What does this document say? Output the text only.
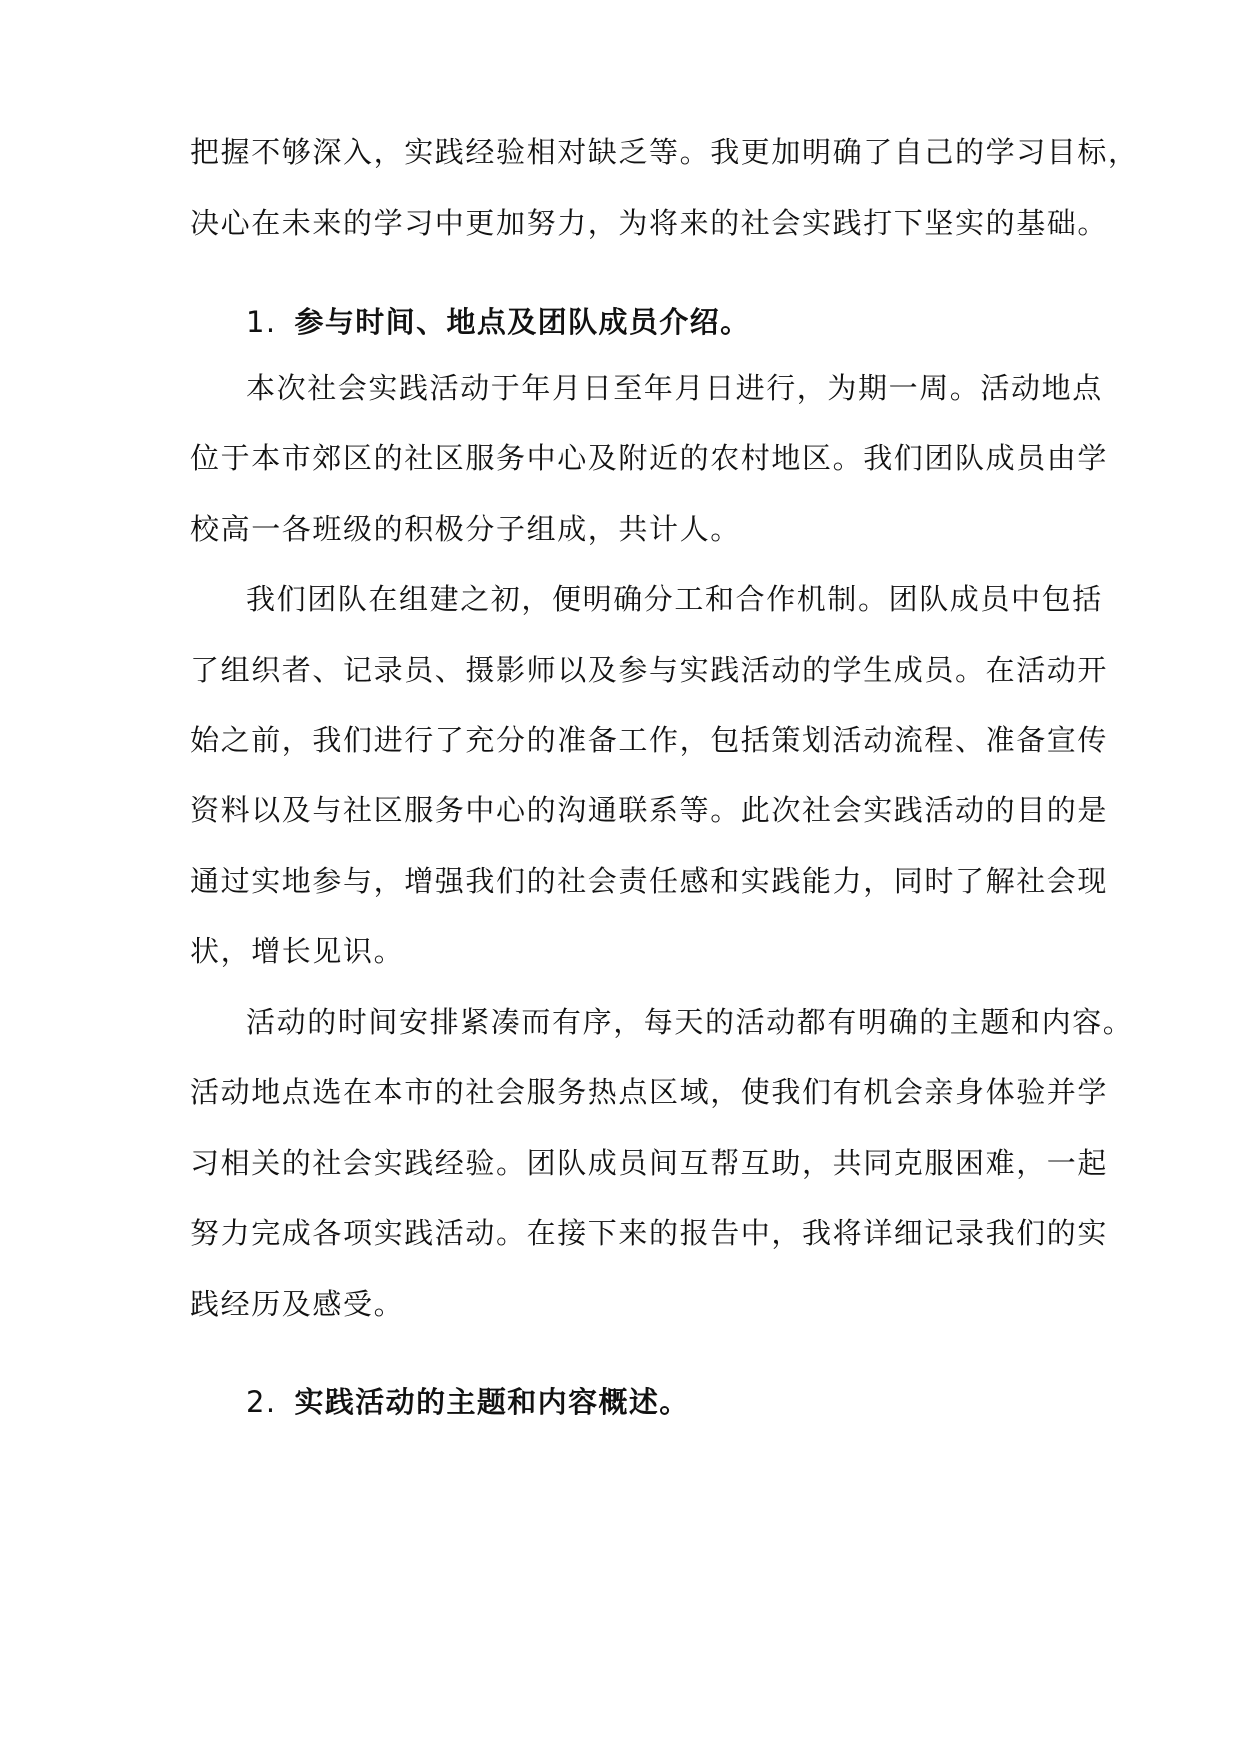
把握不够深入，实践经验相对缺乏等。我更加明确了自己的学习目标，
决心在未来的学习中更加努力，为将来的社会实践打下坚实的基础。
1. 参与时间、地点及团队成员介绍。
本次社会实践活动于年月日至年月日进行，为期一周。活动地点
位于本市郊区的社区服务中心及附近的农村地区。我们团队成员由学
校高一各班级的积极分子组成，共计人。
我们团队在组建之初，便明确分工和合作机制。团队成员中包括
了组织者、记录员、摄影师以及参与实践活动的学生成员。在活动开
始之前，我们进行了充分的准备工作，包括策划活动流程、准备宣传
资料以及与社区服务中心的沟通联系等。此次社会实践活动的目的是
通过实地参与，增强我们的社会责任感和实践能力，同时了解社会现
状，增长见识。
活动的时间安排紧凑而有序，每天的活动都有明确的主题和内容。
活动地点选在本市的社会服务热点区域，使我们有机会亲身体验并学
习相关的社会实践经验。团队成员间互帮互助，共同克服困难，一起
努力完成各项实践活动。在接下来的报告中，我将详细记录我们的实
践经历及感受。
2. 实践活动的主题和内容概述。
